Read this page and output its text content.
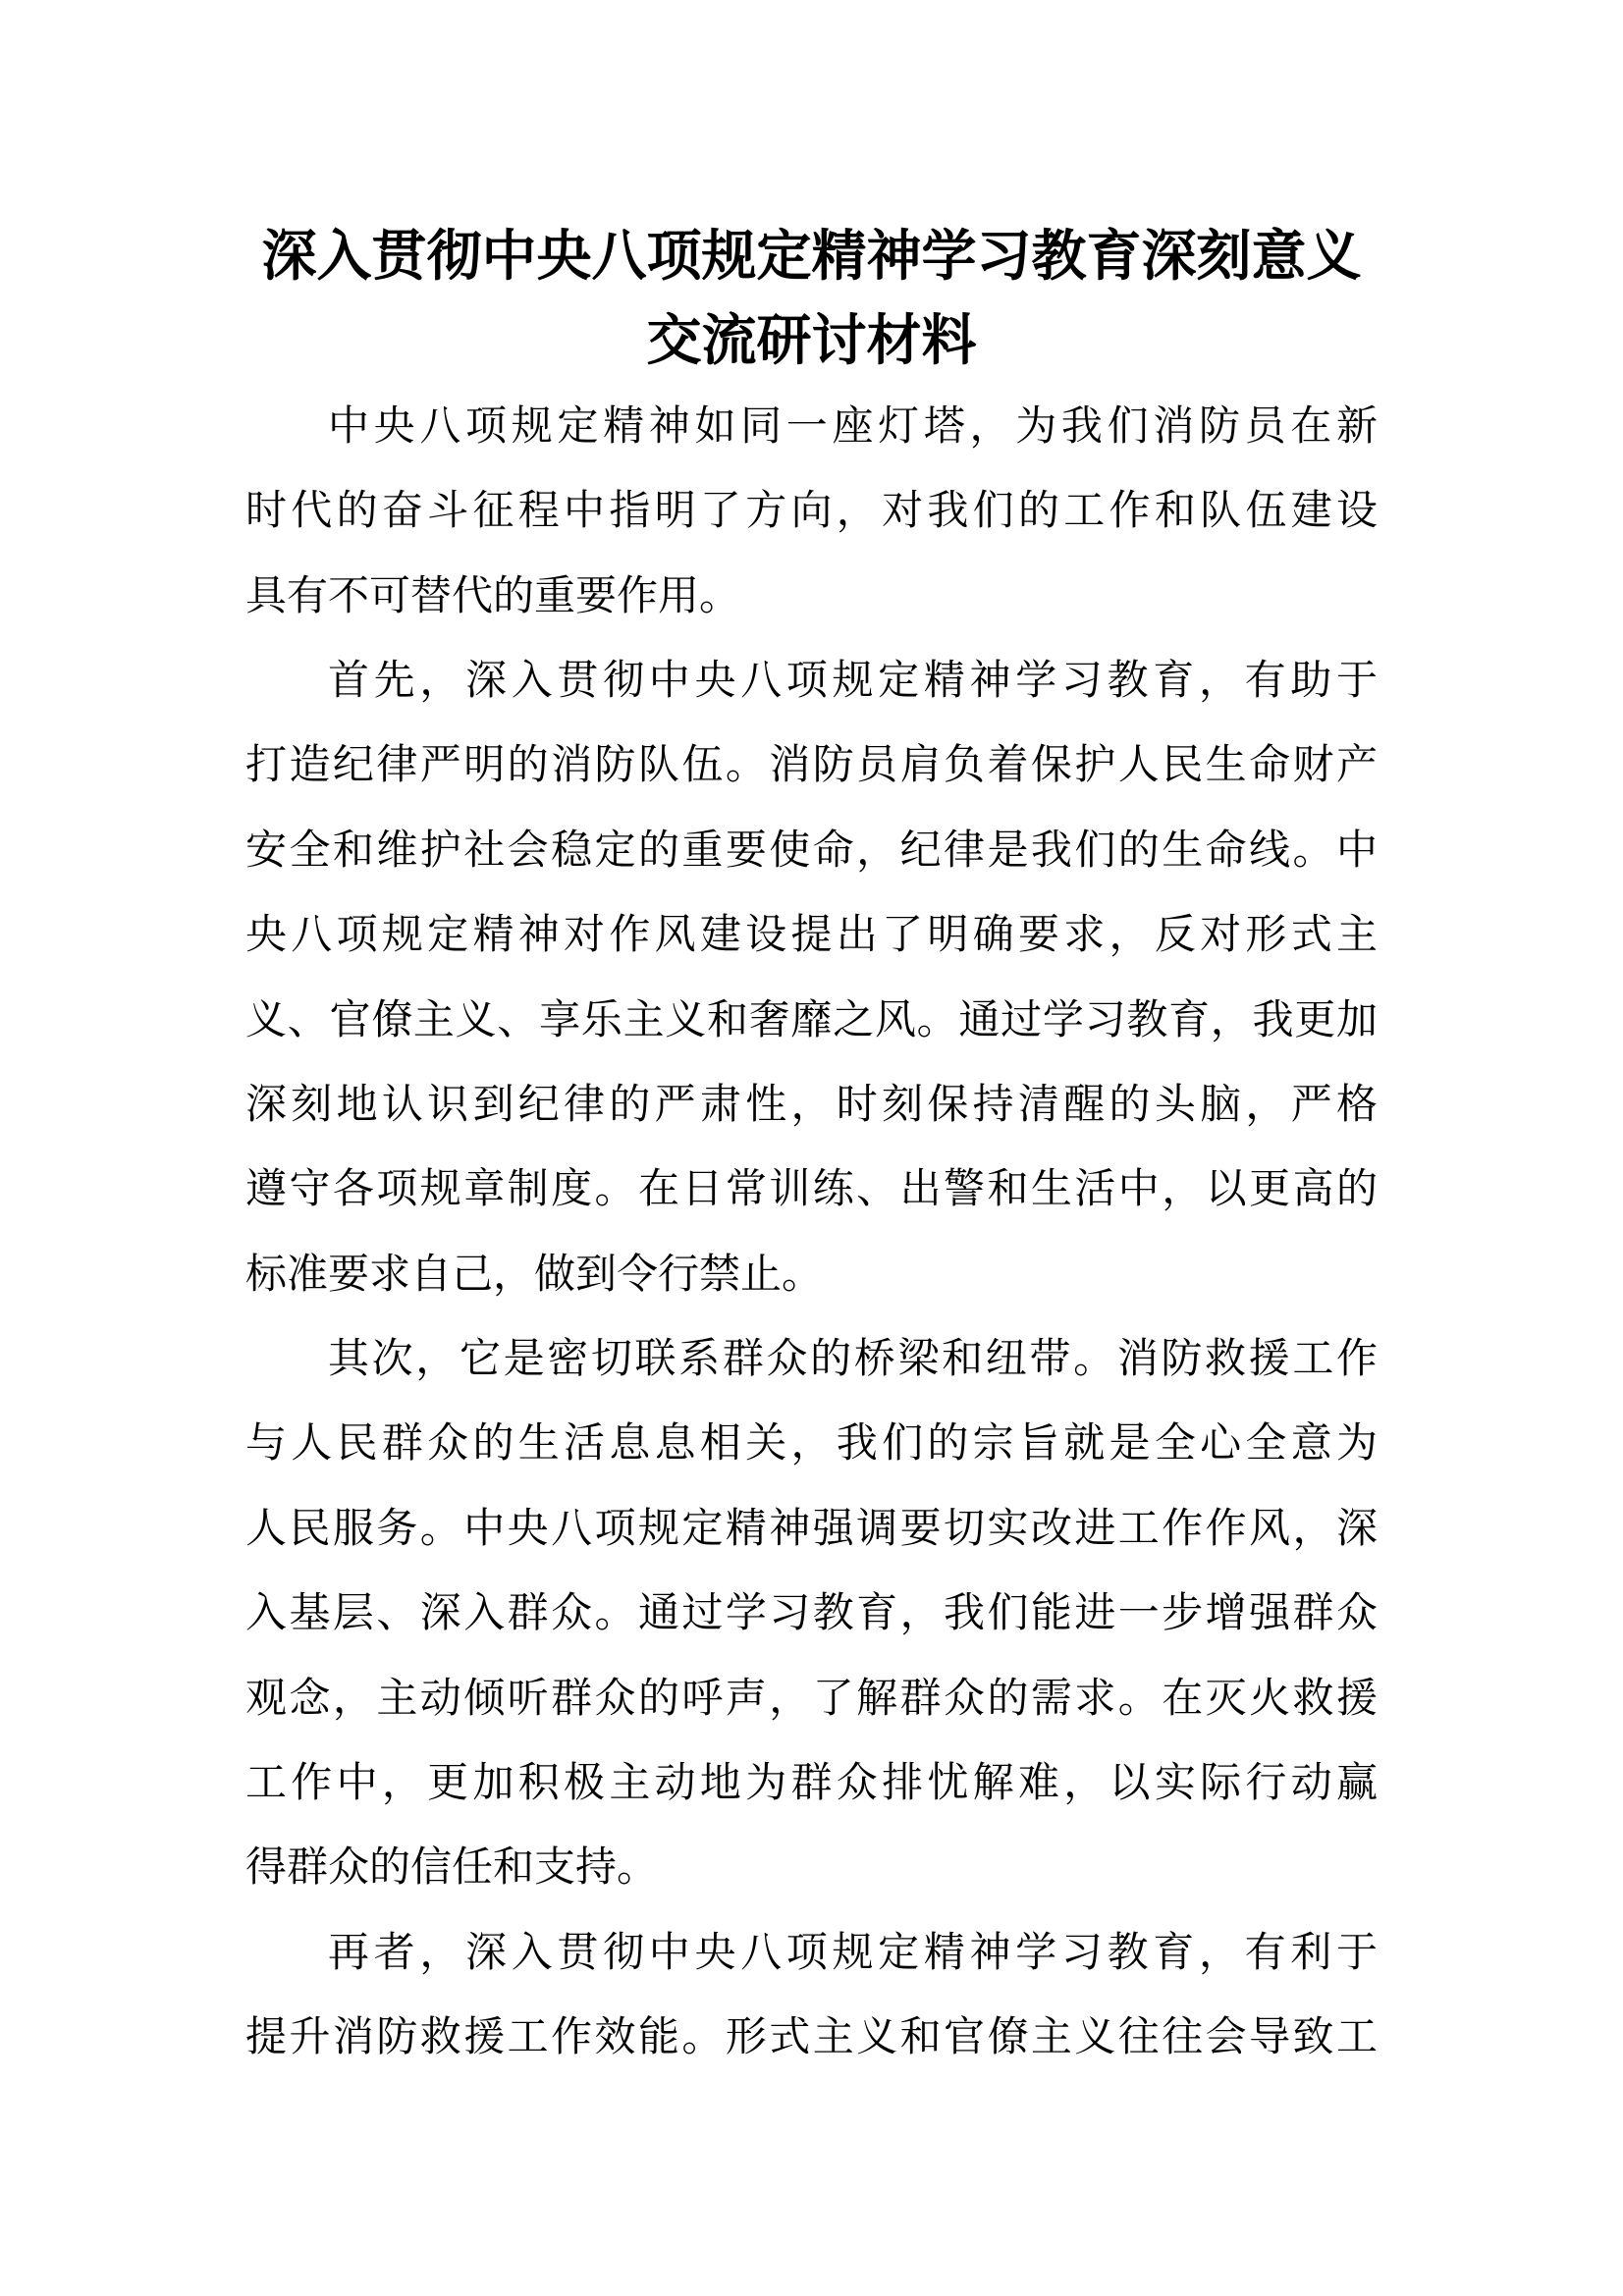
深入贯彻中央八项规定精神学习教育深刻意义
交流研讨材料
中央八项规定精神如同一座灯塔，为我们消防员在新
时代的奋斗征程中指明了方向，对我们的工作和队伍建设
具有不可替代的重要作用。
首先，深入贯彻中央八项规定精神学习教育，有助于
打造纪律严明的消防队伍。消防员肩负着保护人民生命财产
安全和维护社会稳定的重要使命，纪律是我们的生命线。中
央八项规定精神对作风建设提出了明确要求，反对形式主
义、官僚主义、享乐主义和奢靡之风。通过学习教育，我更加
深刻地认识到纪律的严肃性，时刻保持清醒的头脑，严格
遵守各项规章制度。在日常训练、出警和生活中，以更高的
标准要求自己，做到令行禁止。
其次，它是密切联系群众的桥梁和纽带。消防救援工作
与人民群众的生活息息相关，我们的宗旨就是全心全意为
人民服务。中央八项规定精神强调要切实改进工作作风，深
入基层、深入群众。通过学习教育，我们能进一步增强群众
观念，主动倾听群众的呼声，了解群众的需求。在灭火救援
工作中，更加积极主动地为群众排忧解难，以实际行动赢
得群众的信任和支持。
再者，深入贯彻中央八项规定精神学习教育，有利于
提升消防救援工作效能。形式主义和官僚主义往往会导致工
